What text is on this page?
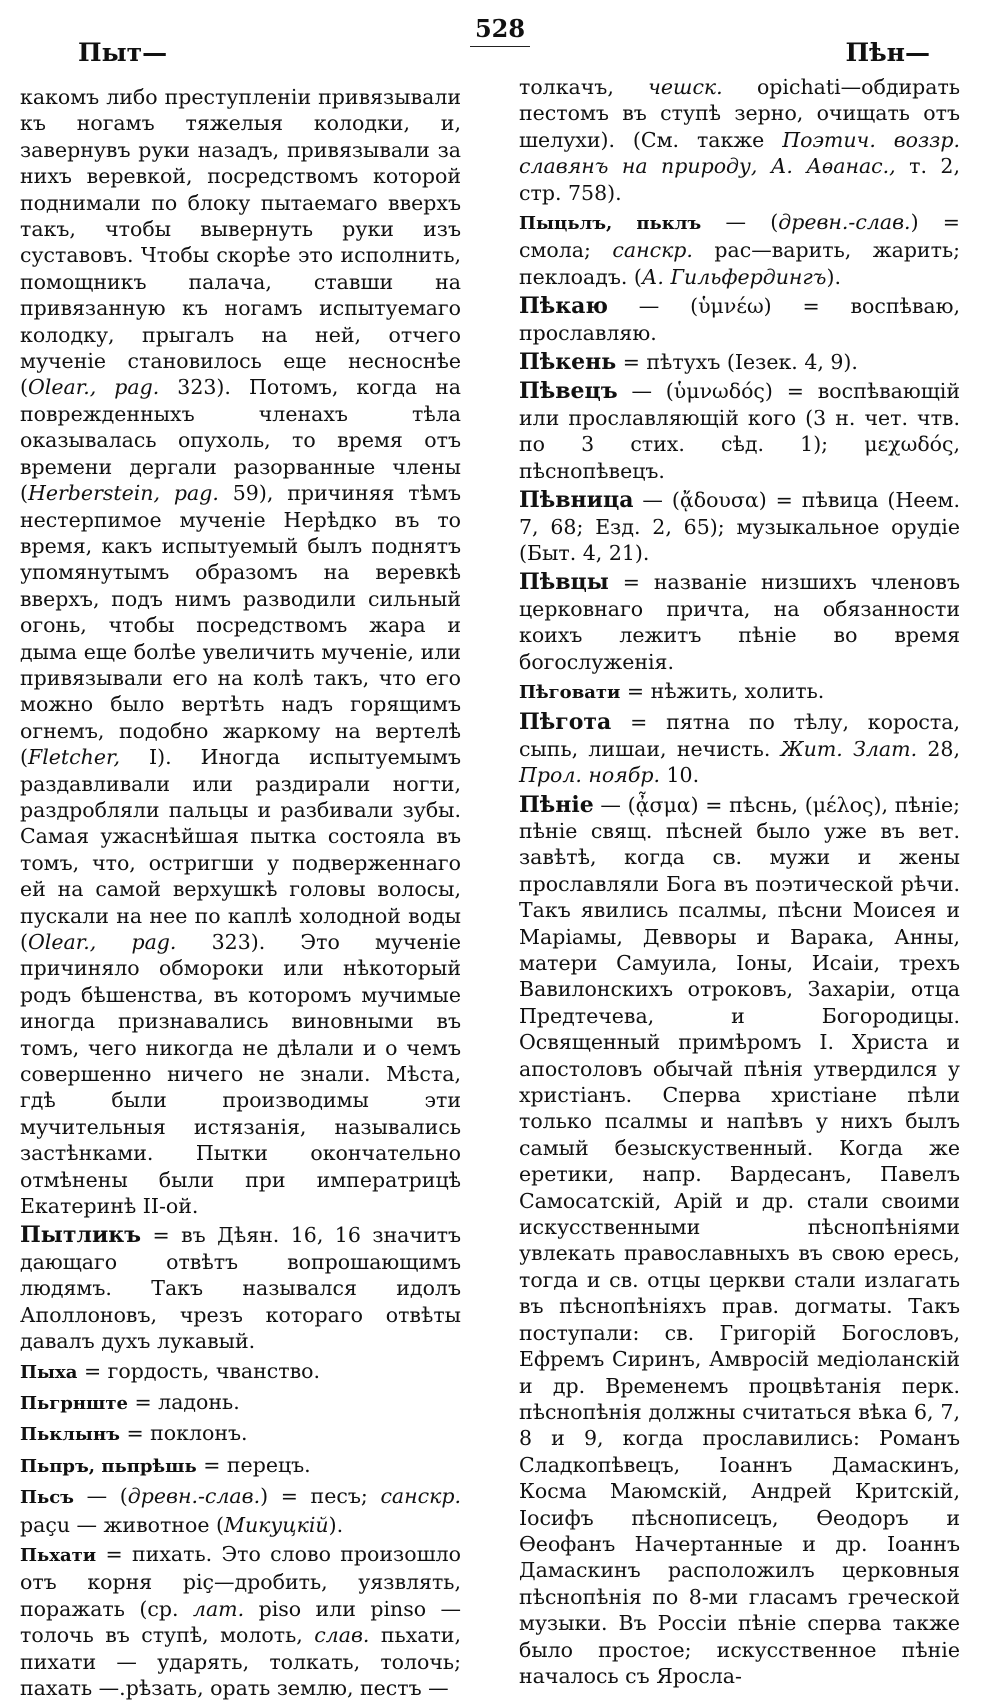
528
Пыт—	Пѣн—

какомъ либо преступленіи привязывали къ ногамъ тяжелыя колодки, и, завернувъ руки назадъ, привязывали за нихъ веревкой, посредствомъ которой поднимали по блоку пытаемаго вверхъ такъ, чтобы вывернуть руки изъ суставовъ. Чтобы скорѣе это исполнить, помощникъ палача, ставши на привязанную къ ногамъ испытуемаго колодку, прыгалъ на ней, отчего мученіе становилось еще несноснѣе (Olear., pag. 323). Потомъ, когда на поврежденныхъ членахъ тѣла оказывалась опухоль, то время отъ времени дергали разорванные члены (Herberstein, pag. 59), причиняя тѣмъ нестерпимое мученіе Нерѣдко въ то время, какъ испытуемый былъ поднятъ упомянутымъ образомъ на веревкѣ вверхъ, подъ нимъ разводили сильный огонь, чтобы посредствомъ жара и дыма еще болѣе увеличить мученіе, или привязывали его на колѣ такъ, что его можно было вертѣть надъ горящимъ огнемъ, подобно жаркому на вертелѣ (Fletcher, I). Иногда испытуемымъ раздавливали или раздирали ногти, раздробляли пальцы и разбивали зубы. Самая ужаснѣйшая пытка состояла въ томъ, что, остригши у подверженнаго ей на самой верхушкѣ головы волосы, пускали на нее по каплѣ холодной воды (Olear., pag. 323). Это мученіе причиняло обмороки или нѣкоторый родъ бѣшенства, въ которомъ мучимые иногда признавались виновными въ томъ, чего никогда не дѣлали и о чемъ совершенно ничего не знали. Мѣста, гдѣ были производимы эти мучительныя истязанія, назывались застѣнками. Пытки окончательно отмѣнены были при императрицѣ Екатеринѣ II-ой.

Пытликъ = въ Дѣян. 16, 16 значитъ дающаго отвѣтъ вопрошающимъ людямъ. Такъ назывался идолъ Аполлоновъ, чрезъ котораго отвѣты давалъ духъ лукавый.

Пыха = гордость, чванство.

Пьгрнште = ладонь.

Пьклынъ = поклонъ.

Пьпръ, пьпрѣшь = перецъ.

Пьсъ — (древн.-слав.) = песъ; санскр. раçu — животное (Микуцкій).

Пьхати = пихать. Это слово произошло отъ корня piç—дробить, уязвлять, поражать (ср. лат. piso или pinso — толочь въ ступѣ, молоть, слав. пьхати, пихати — ударять, толкать, толочь; пахать —.рѣзать, орать землю, пестъ —

толкачъ, чешск. opichati—обдирать пестомъ въ ступѣ зерно, очищать отъ шелухи). (См. также Поэтич. воззр. славянъ на природу, А. Аѳанас., т. 2, стр. 758).

Пыцьлъ, пьклъ — (древн.-слав.) = смола; санскр. рас—варить, жарить; пеклоадъ. (А. Гильфердингъ).

Пѣкаю — (ὑμνέω) = воспѣваю, прославляю.

Пѣкень = пѣтухъ (Іезек. 4, 9).

Пѣвецъ — (ὑμνωδός) = воспѣвающій или прославляющій кого (3 н. чет. чтв. по 3 стих. сѣд. 1); μεχωδός, пѣснопѣвецъ.

Пѣвница — (ᾄδουσα) = пѣвица (Неем. 7, 68; Езд. 2, 65); музыкальное орудіе (Быт. 4, 21).

Пѣвцы = названіе низшихъ членовъ церковнаго причта, на обязанности коихъ лежитъ пѣніе во время богослуженія.

Пѣговати = нѣжить, холить.

Пѣгота = пятна по тѣлу, короста, сыпь, лишаи, нечисть. Жит. Злат. 28, Прол. ноябр. 10.

Пѣніе — (ᾆσμα) = пѣснь, (μέλος), пѣніе; пѣніе свящ. пѣсней было уже въ вет. завѣтѣ, когда св. мужи и жены прославляли Бога въ поэтической рѣчи. Такъ явились псалмы, пѣсни Моисея и Маріамы, Девворы и Варака, Анны, матери Самуила, Іоны, Исаіи, трехъ Вавилонскихъ отроковъ, Захаріи, отца Предтечева, и Богородицы. Освященный примѣромъ І. Христа и апостоловъ обычай пѣнія утвердился у христіанъ. Сперва христіане пѣли только псалмы и напѣвъ у нихъ былъ самый безыскуственный. Когда же еретики, напр. Вардесанъ, Павелъ Самосатскій, Арій и др. стали своими искусственными пѣснопѣніями увлекать православныхъ въ свою ересь, тогда и св. отцы церкви стали излагать въ пѣснопѣніяхъ прав. догматы. Такъ поступали: св. Григорій Богословъ, Ефремъ Сиринъ, Амвросій медіоланскій и др. Временемъ процвѣтанія перк. пѣснопѣнія должны считаться вѣка 6, 7, 8 и 9, когда прославились: Романъ Сладкопѣвецъ, Іоаннъ Дамаскинъ, Косма Маюмскій, Андрей Критскій, Іосифъ пѣснописецъ, Ѳеодоръ и Ѳеофанъ Начертанные и др. Іоаннъ Дамаскинъ расположилъ церковныя пѣснопѣнія по 8-ми гласамъ греческой музыки. Въ Россіи пѣніе сперва также было простое; искусственное пѣніе началось съ Яросла-
